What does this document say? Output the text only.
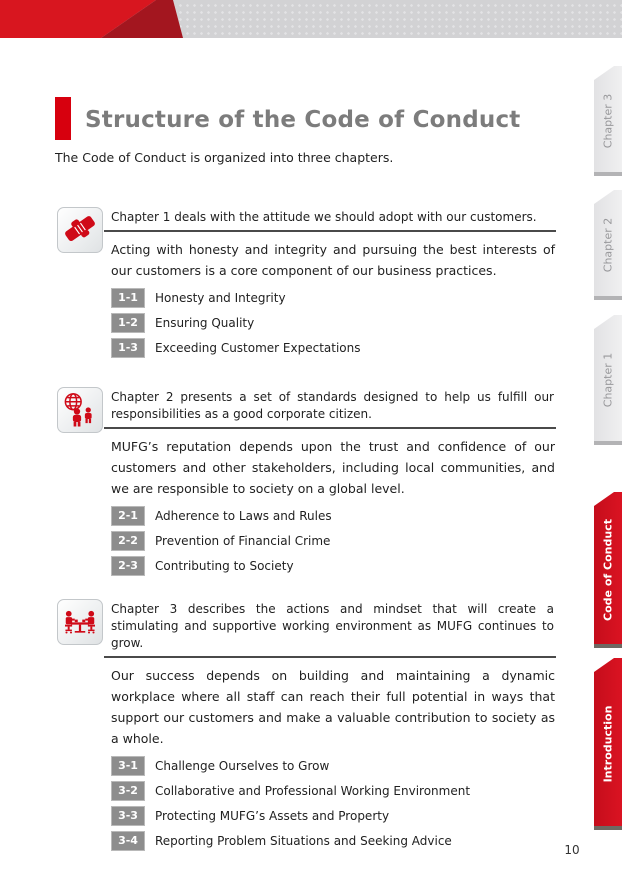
Structure of the Code of Conduct

The Code of Conduct is organized into three chapters.

Chapter 1 deals with the attitude we should adopt with our customers.
Acting with honesty and integrity and pursuing the best interests of our customers is a core component of our business practices.
1-1	Honesty and Integrity
1-2	Ensuring Quality
1-3	Exceeding Customer Expectations
Chapter 2 presents a set of standards designed to help us fulfill our responsibilities as a good corporate citizen.
MUFG’s reputation depends upon the trust and confidence of our customers and other stakeholders, including local communities, and we are responsible to society on a global level.
2-1	Adherence to Laws and Rules
2-2	Prevention of Financial Crime
2-3	Contributing to Society
Chapter 3 describes the actions and mindset that will create a stimulating and supportive working environment as MUFG continues to grow.
Our success depends on building and maintaining a dynamic workplace where all staff can reach their full potential in ways that support our customers and make a valuable contribution to society as a whole.
3-1	Challenge Ourselves to Grow
3-2	Collaborative and Professional Working Environment
3-3	Protecting MUFG’s Assets and Property
3-4	Reporting Problem Situations and Seeking Advice
Chapter 3
Chapter 2
Chapter 1
Code of Conduct
Introduction
10
